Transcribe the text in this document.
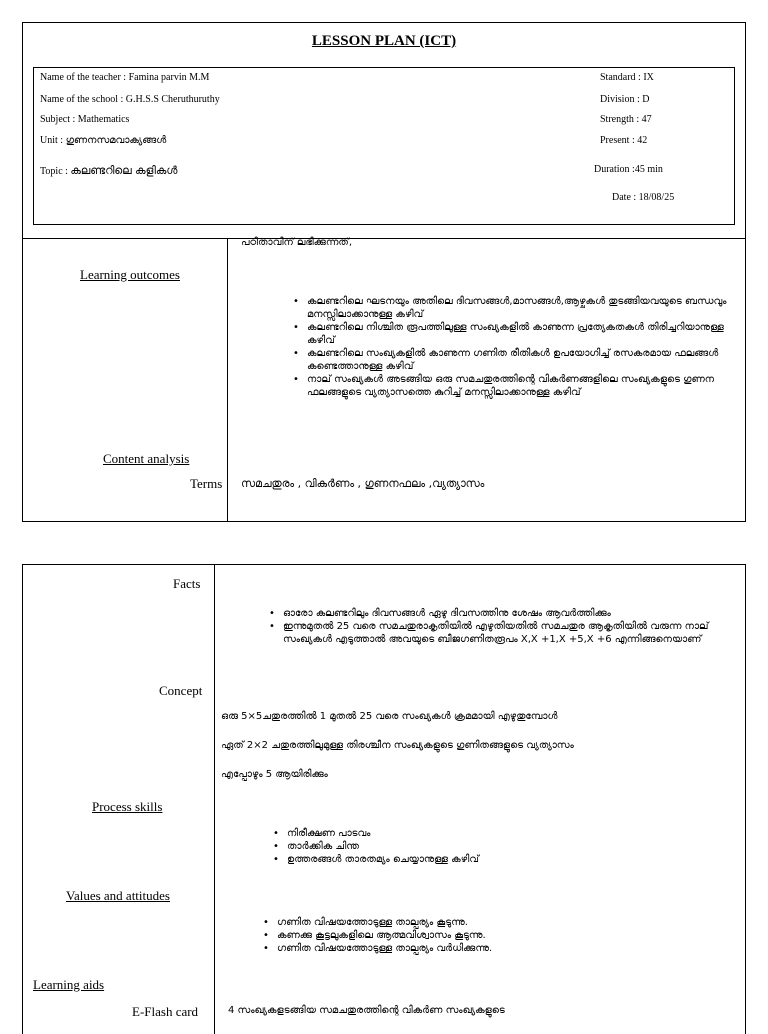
LESSON PLAN (ICT)
Name of the teacher : Famina parvin M.M
Name of the school : G.H.S.S Cheruthuruthy
Subject : Mathematics
Unit : ഗുണനസമവാക്യങ്ങൾ
Topic : കലണ്ടറിലെ കളികൾ
Standard : IX
Division : D
Strength : 47
Present : 42
Duration :45 min
Date : 18/08/25
പഠിതാവിന് ലഭിക്കുന്നത്,
Learning outcomes
• കലണ്ടറിലെ ഘടനയും അതിലെ ദിവസങ്ങൾ,മാസങ്ങൾ,ആഴ്ചകൾ തുടങ്ങിയവയുടെ ബന്ധവും മനസ്സിലാക്കാനുള്ള കഴിവ്
• കലണ്ടറിലെ നിശ്ചിത രൂപത്തിലുള്ള സംഖ്യകളിൽ കാണുന്ന പ്രത്യേകതകൾ തിരിച്ചറിയാനുള്ള കഴിവ്
• കലണ്ടറിലെ സംഖ്യകളിൽ കാണുന്ന ഗണിത രീതികൾ ഉപയോഗിച്ച് രസകരമായ ഫലങ്ങൾ കണ്ടെത്താനുള്ള കഴിവ്
• നാല് സംഖ്യകൾ അടങ്ങിയ ഒരു സമചതുരത്തിന്റെ വികർണങ്ങളിലെ സംഖ്യകളുടെ ഗുണന ഫലങ്ങളുടെ വ്യത്യാസത്തെ കുറിച്ച് മനസ്സിലാക്കാനുള്ള കഴിവ്
Content analysis
Terms സമചതുരം , വികർണം , ഗുണനഫലം ,വ്യത്യാസം
Facts
• ഓരോ കലണ്ടറിലും ദിവസങ്ങൾ ഏഴു ദിവസത്തിനു ശേഷം ആവർത്തിക്കും
• ഇന്നുമുതൽ 25 വരെ സമചതുരാകൃതിയിൽ എഴുതിയതിൽ സമചതുര ആകൃതിയിൽ വരുന്ന നാല് സംഖ്യകൾ എടുത്താൽ അവയുടെ ബീജഗണിതരൂപം X,X +1,X +5,X +6 എന്നിങ്ങനെയാണ്
Concept
ഒരു 5×5ചതുരത്തിൽ 1 മുതൽ 25 വരെ സംഖ്യകൾ ക്രമമായി എഴുതുമ്പോൾ
ഏത് 2×2 ചതുരത്തിലുമുള്ള തിരശ്ചീന സംഖ്യകളുടെ ഗുണിതങ്ങളുടെ വ്യത്യാസം
എപ്പോഴും 5 ആയിരിക്കും
Process skills
• നിരീക്ഷണ പാടവം
• താർക്കിക ചിന്ത
• ഉത്തരങ്ങൾ താരതമ്യം ചെയ്യാനുള്ള കഴിവ്
Values and attitudes
• ഗണിത വിഷയത്തോടുള്ള താല്പര്യം കൂടുന്നു.
• കണക്കു കൂട്ടലുകളിലെ ആത്മവിശ്വാസം കൂടുന്നു.
• ഗണിത വിഷയത്തോടുള്ള താല്പര്യം വർധിക്കുന്നു.
Learning aids
E-Flash card	4 സംഖ്യകളടങ്ങിയ സമചതുരത്തിന്റെ വികർണ സംഖ്യകളുടെ
